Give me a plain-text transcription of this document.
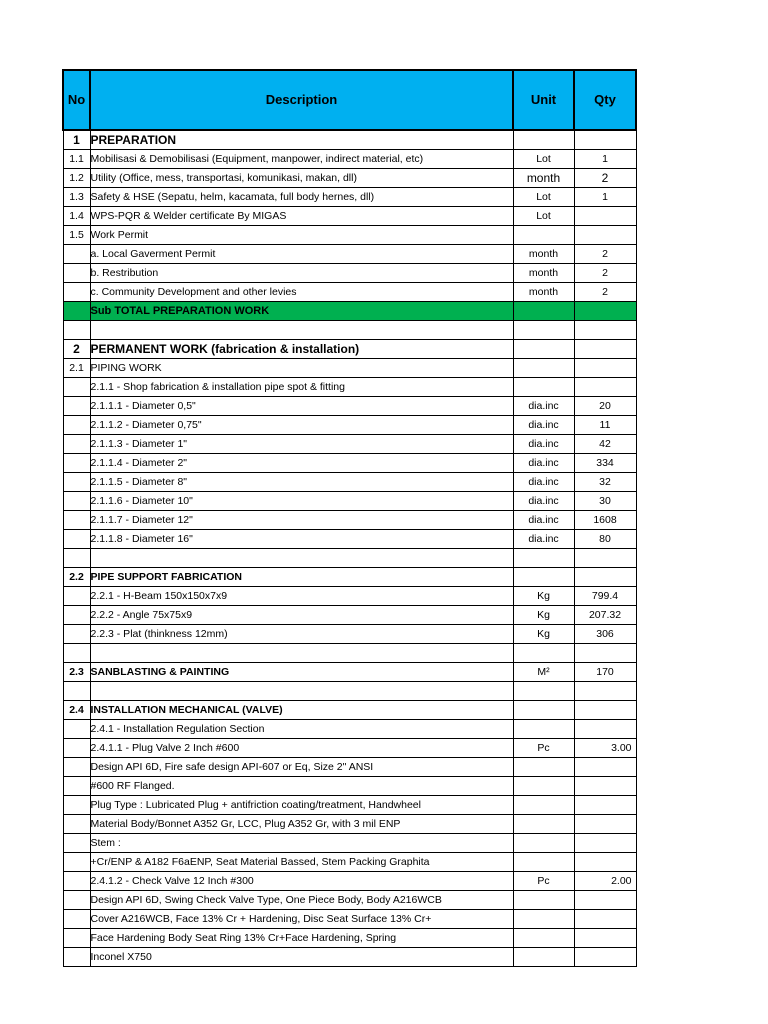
No	Description	Unit	Qty
1	PREPARATION		
1.1	Mobilisasi & Demobilisasi (Equipment, manpower, indirect material, etc)	Lot	1
1.2	Utility (Office, mess, transportasi, komunikasi, makan, dll)	month	2
1.3	Safety & HSE (Sepatu, helm, kacamata, full body hernes, dll)	Lot	1
1.4	WPS-PQR & Welder certificate By MIGAS	Lot	
1.5	Work Permit		
	a. Local Gaverment Permit	month	2
	b. Restribution	month	2
	c. Community Development and other levies	month	2
	Sub TOTAL PREPARATION WORK		

2	PERMANENT WORK (fabrication & installation)		
2.1	PIPING WORK		
	2.1.1 - Shop fabrication & installation pipe spot & fitting		
	2.1.1.1 - Diameter 0,5"	dia.inc	20
	2.1.1.2 - Diameter 0,75"	dia.inc	11
	2.1.1.3 - Diameter 1"	dia.inc	42
	2.1.1.4 - Diameter 2"	dia.inc	334
	2.1.1.5 - Diameter 8"	dia.inc	32
	2.1.1.6 - Diameter 10"	dia.inc	30
	2.1.1.7 - Diameter 12"	dia.inc	1608
	2.1.1.8 - Diameter 16"	dia.inc	80

2.2	PIPE SUPPORT FABRICATION		
	2.2.1 - H-Beam 150x150x7x9	Kg	799.4
	2.2.2 - Angle 75x75x9	Kg	207.32
	2.2.3 - Plat (thinkness 12mm)	Kg	306

2.3	SANBLASTING & PAINTING	M²	170

2.4	INSTALLATION MECHANICAL (VALVE)		
	2.4.1 - Installation Regulation Section		
	2.4.1.1 - Plug Valve 2 Inch #600	Pc	3.00
	Design API 6D, Fire safe design API-607 or Eq, Size 2" ANSI		
	#600 RF Flanged.		
	Plug Type : Lubricated Plug + antifriction coating/treatment, Handwheel		
	Material Body/Bonnet A352 Gr, LCC, Plug A352 Gr, with 3 mil ENP		
	Stem :		
	+Cr/ENP & A182 F6aENP, Seat Material Bassed, Stem Packing Graphita		
	2.4.1.2 - Check Valve 12 Inch #300	Pc	2.00
	Design API 6D, Swing Check Valve Type, One Piece Body, Body A216WCB		
	Cover A216WCB, Face 13% Cr + Hardening, Disc Seat Surface 13% Cr+		
	Face Hardening Body Seat Ring 13% Cr+Face Hardening, Spring		
	Inconel X750		
